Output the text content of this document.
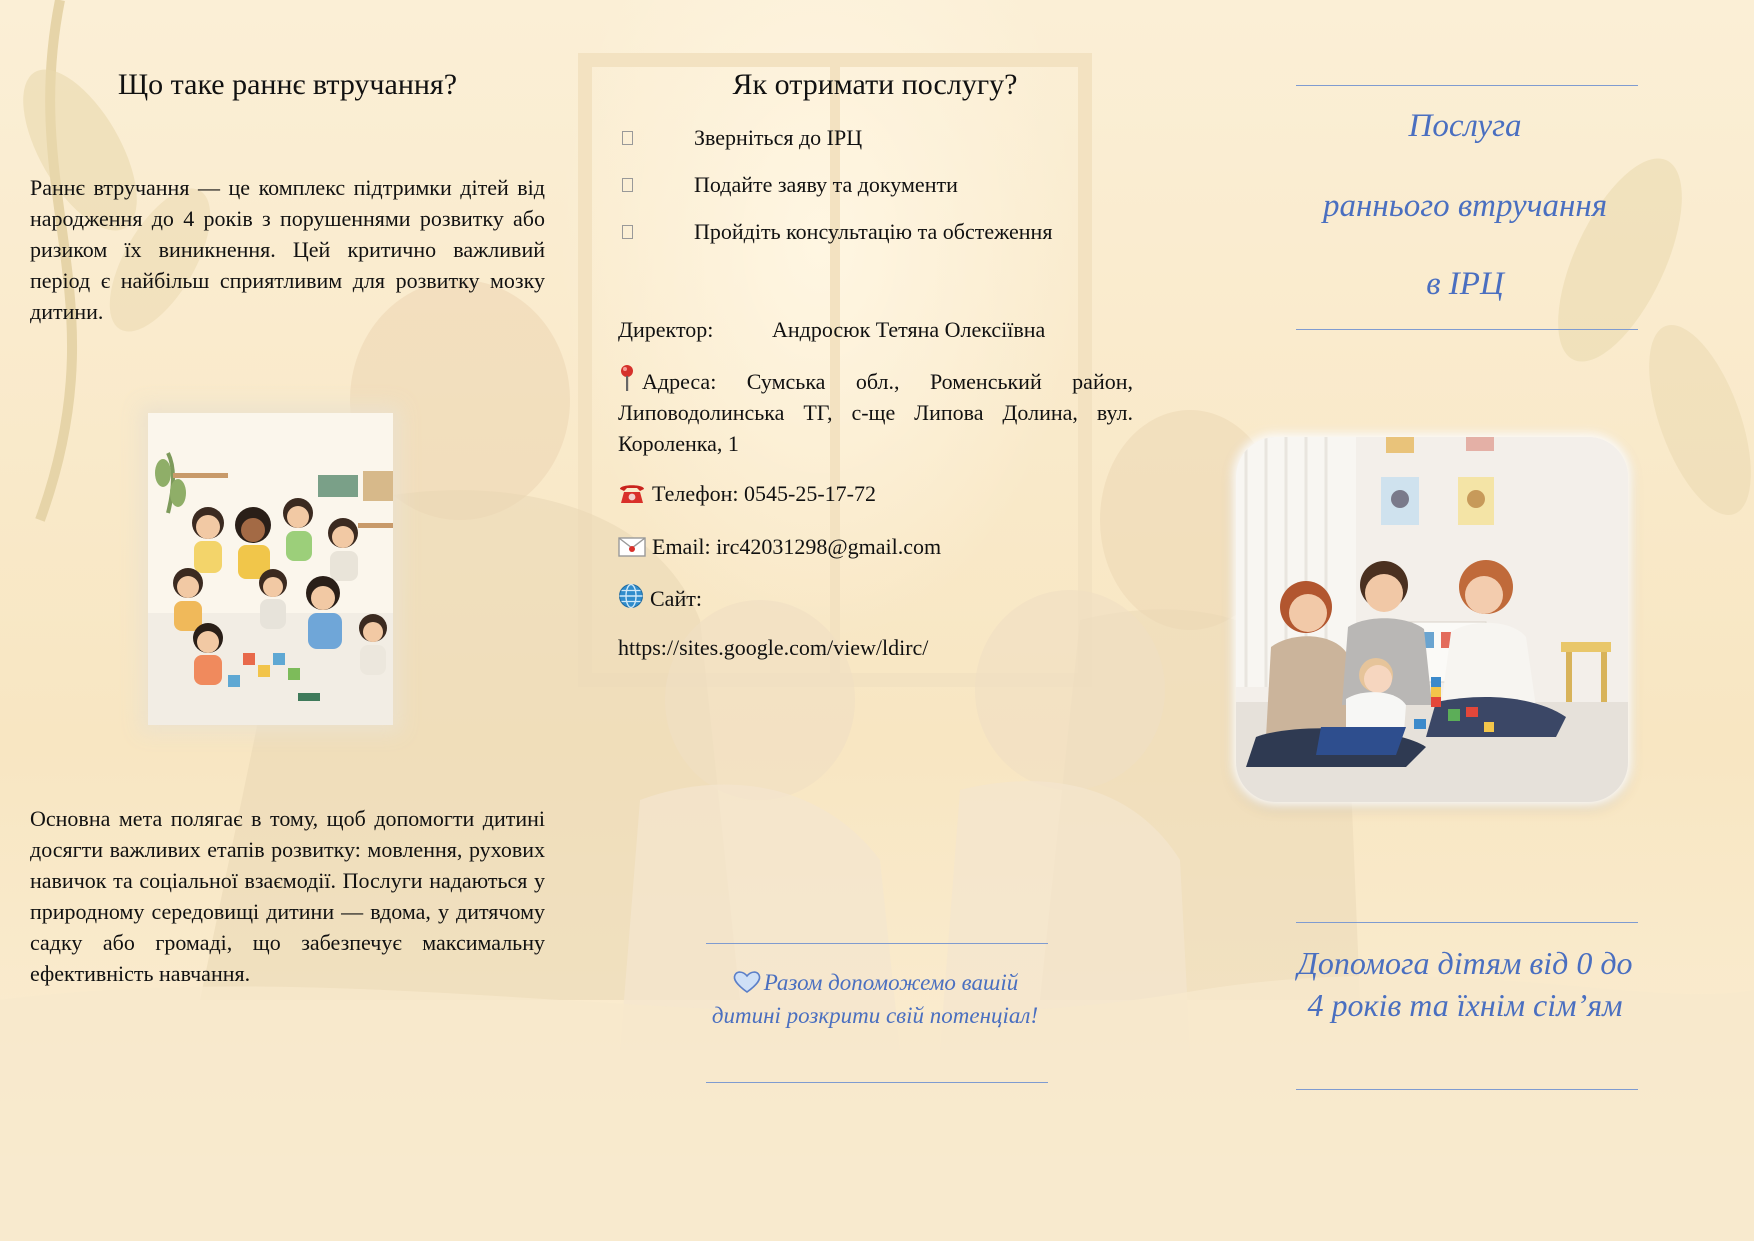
Що таке раннє втручання?

Раннє втручання — це комплекс підтримки дітей від народження до 4 років з порушеннями розвитку або ризиком їх виникнення. Цей критично важливий період є найбільш сприятливим для розвитку мозку дитини.

Основна мета полягає в тому, щоб допомогти дитині досягти важливих етапів розвитку: мовлення, рухових навичок та соціальної взаємодії. Послуги надаються у природному середовищі дитини — вдома, у дитячому садку або громаді, що забезпечує максимальну ефективність навчання.

Як отримати послугу?
Зверніться до ІРЦ
Подайте заяву та документи
Пройдіть консультацію та обстеження

Директор:	Андросюк Тетяна Олексіївна

Адреса: Сумська обл., Роменський район, Липоводолинська ТГ, с-ще Липова Долина, вул. Короленка, 1

Телефон: 0545-25-17-72

Email: irc42031298@gmail.com

Сайт:

https://sites.google.com/view/ldirc/

Разом допоможемо вашій дитині розкрити свій потенціал!

Послуга
раннього втручання
в ІРЦ
Допомога дітям від 0 до 4 років та їхнім сім’ям
